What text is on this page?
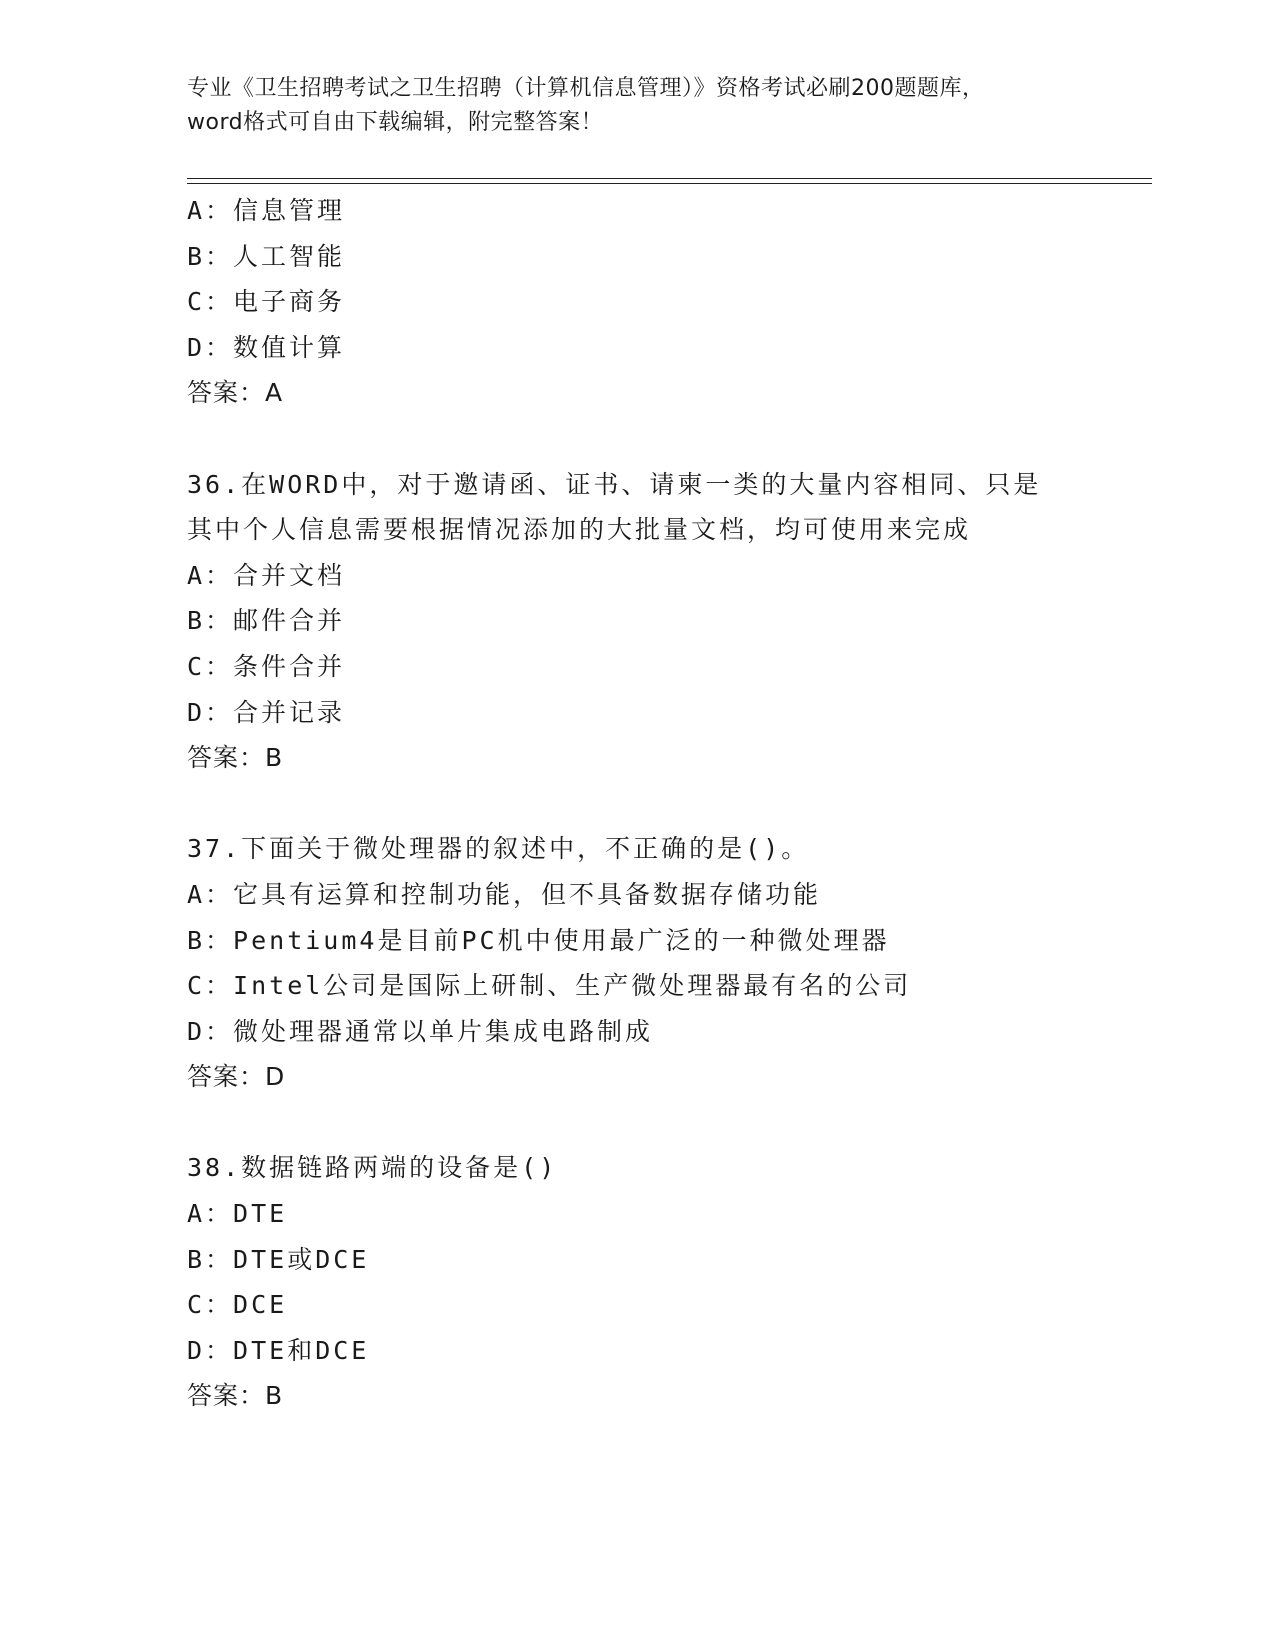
专业《卫生招聘考试之卫生招聘（计算机信息管理）》资格考试必刷200题题库，
word格式可自由下载编辑，附完整答案！
A：信息管理
B：人工智能
C：电子商务
D：数值计算
答案：A
36.在WORD中，对于邀请函、证书、请柬一类的大量内容相同、只是
其中个人信息需要根据情况添加的大批量文档，均可使用来完成
A：合并文档
B：邮件合并
C：条件合并
D：合并记录
答案：B
37.下面关于微处理器的叙述中，不正确的是()。
A：它具有运算和控制功能，但不具备数据存储功能
B：Pentium4是目前PC机中使用最广泛的一种微处理器
C：Intel公司是国际上研制、生产微处理器最有名的公司
D：微处理器通常以单片集成电路制成
答案：D
38.数据链路两端的设备是()
A：DTE
B：DTE或DCE
C：DCE
D：DTE和DCE
答案：B
